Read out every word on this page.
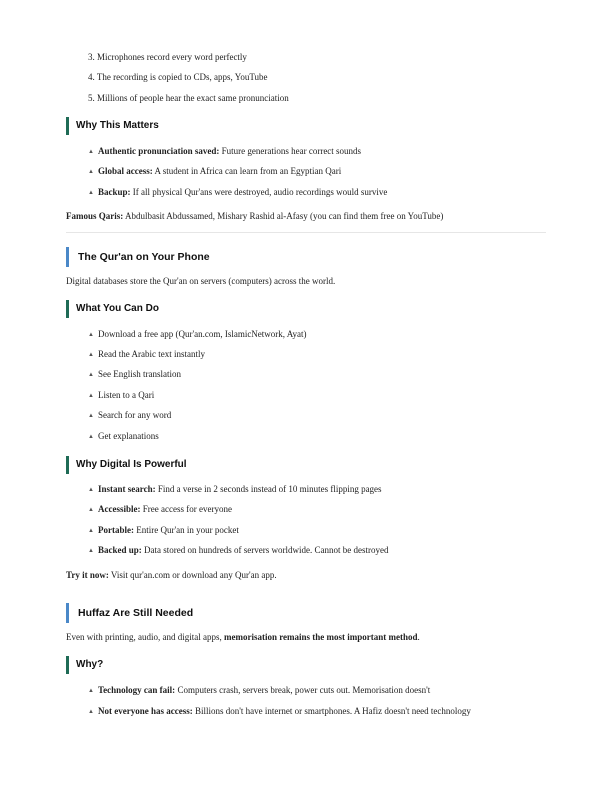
3. Microphones record every word perfectly
4. The recording is copied to CDs, apps, YouTube
5. Millions of people hear the exact same pronunciation
Why This Matters
▲ Authentic pronunciation saved: Future generations hear correct sounds
▲ Global access: A student in Africa can learn from an Egyptian Qari
▲ Backup: If all physical Qur'ans were destroyed, audio recordings would survive
Famous Qaris: Abdulbasit Abdussamed, Mishary Rashid al-Afasy (you can find them free on YouTube)
The Qur'an on Your Phone
Digital databases store the Qur'an on servers (computers) across the world.
What You Can Do
▲ Download a free app (Qur'an.com, IslamicNetwork, Ayat)
▲ Read the Arabic text instantly
▲ See English translation
▲ Listen to a Qari
▲ Search for any word
▲ Get explanations
Why Digital Is Powerful
▲ Instant search: Find a verse in 2 seconds instead of 10 minutes flipping pages
▲ Accessible: Free access for everyone
▲ Portable: Entire Qur'an in your pocket
▲ Backed up: Data stored on hundreds of servers worldwide. Cannot be destroyed
Try it now: Visit qur'an.com or download any Qur'an app.
Huffaz Are Still Needed
Even with printing, audio, and digital apps, memorisation remains the most important method.
Why?
▲ Technology can fail: Computers crash, servers break, power cuts out. Memorisation doesn't
▲ Not everyone has access: Billions don't have internet or smartphones. A Hafiz doesn't need technology
